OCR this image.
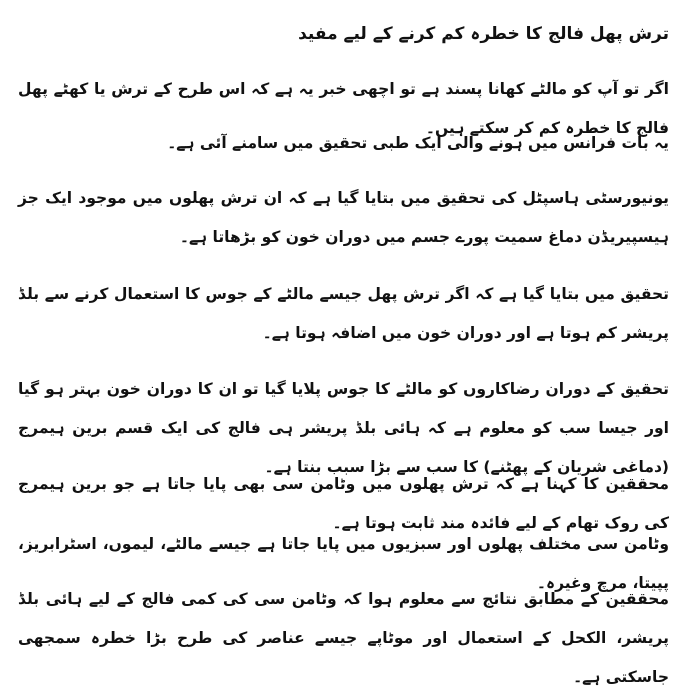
ترش پھل فالج کا خطرہ کم کرنے کے لیے مفید

اگر تو آپ کو مالٹے کھانا پسند ہے تو اچھی خبر یہ ہے کہ اس طرح کے ترش یا کھٹے پھل فالج کا خطرہ کم کر سکتے ہیں۔

یہ بات فرانس میں ہونے والی ایک طبی تحقیق میں سامنے آئی ہے۔

یونیورسٹی ہاسپٹل کی تحقیق میں بتایا گیا ہے کہ ان ترش پھلوں میں موجود ایک جز ہیسپیریڈن دماغ سمیت پورے جسم میں دوران خون کو بڑھاتا ہے۔

تحقیق میں بتایا گیا ہے کہ اگر ترش پھل جیسے مالٹے کے جوس کا استعمال کرنے سے بلڈ پریشر کم ہوتا ہے اور دوران خون میں اضافہ ہوتا ہے۔

تحقیق کے دوران رضاکاروں کو مالٹے کا جوس پلایا گیا تو ان کا دوران خون بہتر ہو گیا اور جیسا سب کو معلوم ہے کہ ہائی بلڈ پریشر ہی فالج کی ایک قسم برین ہیمرج (دماغی شریان کے پھٹنے) کا سب سے بڑا سبب بنتا ہے۔

محققین کا کہنا ہے کہ ترش پھلوں میں وٹامن سی بھی پایا جاتا ہے جو برین ہیمرج کی روک تھام کے لیے فائدہ مند ثابت ہوتا ہے۔

وٹامن سی مختلف پھلوں اور سبزیوں میں پایا جاتا ہے جیسے مالٹے، لیموں، اسٹرابریز، پپیتا، مرچ وغیرہ۔

محققین کے مطابق نتائج سے معلوم ہوا کہ وٹامن سی کی کمی فالج کے لیے ہائی بلڈ پریشر، الکحل کے استعمال اور موٹاپے جیسے عناصر کی طرح بڑا خطرہ سمجھی جاسکتی ہے۔
